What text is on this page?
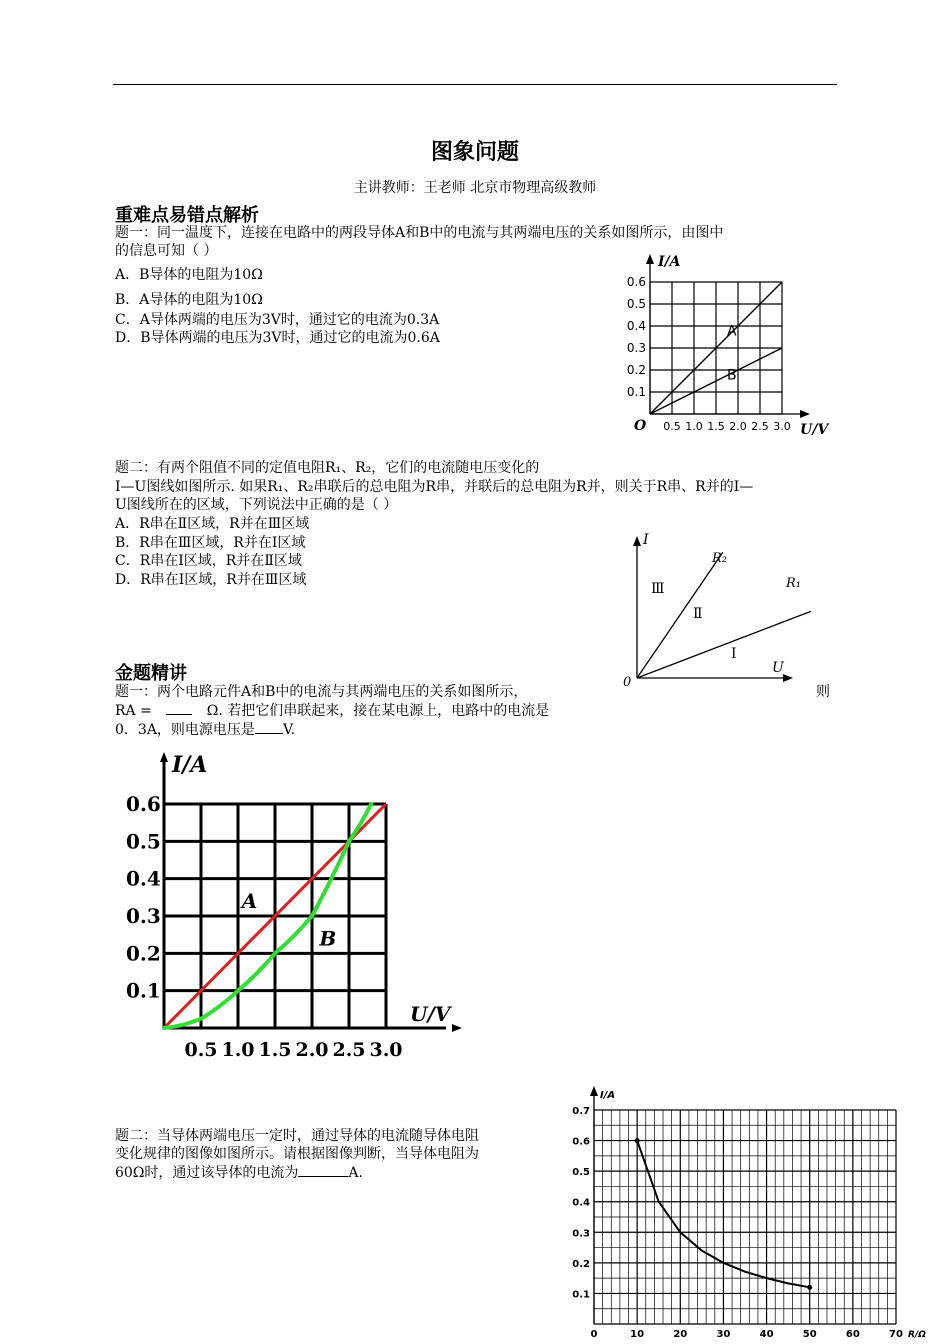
图象问题
主讲教师：王老师 北京市物理高级教师
重难点易错点解析
题一：同一温度下，连接在电路中的两段导体A和B中的电流与其两端电压的关系如图所示，由图中
的信息可知（ ）
A．B导体的电阻为10Ω
B．A导体的电阻为10Ω
C．A导体两端的电压为3V时，通过它的电流为0.3A
D．B导体两端的电压为3V时，通过它的电流为0.6A
0.1
0.2
0.3
0.4
0.5
0.6
0.5 1.0 1.5 2.0 2.5 3.0
I/A
U/V
O
A
B
题二：有两个阻值不同的定值电阻R₁、R₂，它们的电流随电压变化的
I—U图线如图所示. 如果R₁、R₂串联后的总电阻为R串，并联后的总电阻为R并，则关于R串、R并的I—
U图线所在的区域，下列说法中正确的是（ ）
A．R串在Ⅱ区域，R并在Ⅲ区域
B．R串在Ⅲ区域，R并在Ⅰ区域
C．R串在Ⅰ区域，R并在Ⅱ区域
D．R串在Ⅰ区域，R并在Ⅲ区域
I
U
0
R₂
R₁
Ⅲ
Ⅱ
Ⅰ
金题精讲
题一：两个电路元件A和B中的电流与其两端电压的关系如图所示，	则
RA =	Ω. 若把它们串联起来，接在某电源上，电路中的电流是
0．3A，则电源电压是 V.
0.1
0.2
0.3
0.4
0.5
0.6
0.5 1.0 1.5 2.0 2.5 3.0
I/A
U/V
A
B
题二：当导体两端电压一定时，通过导体的电流随导体电阻
变化规律的图像如图所示。请根据图像判断，当导体电阻为
60Ω时，通过该导体的电流为	A.
0.1
0.2
0.3
0.4
0.5
0.6
0.7
0	10	20	30	40	50	60	70
I/A
R/Ω
